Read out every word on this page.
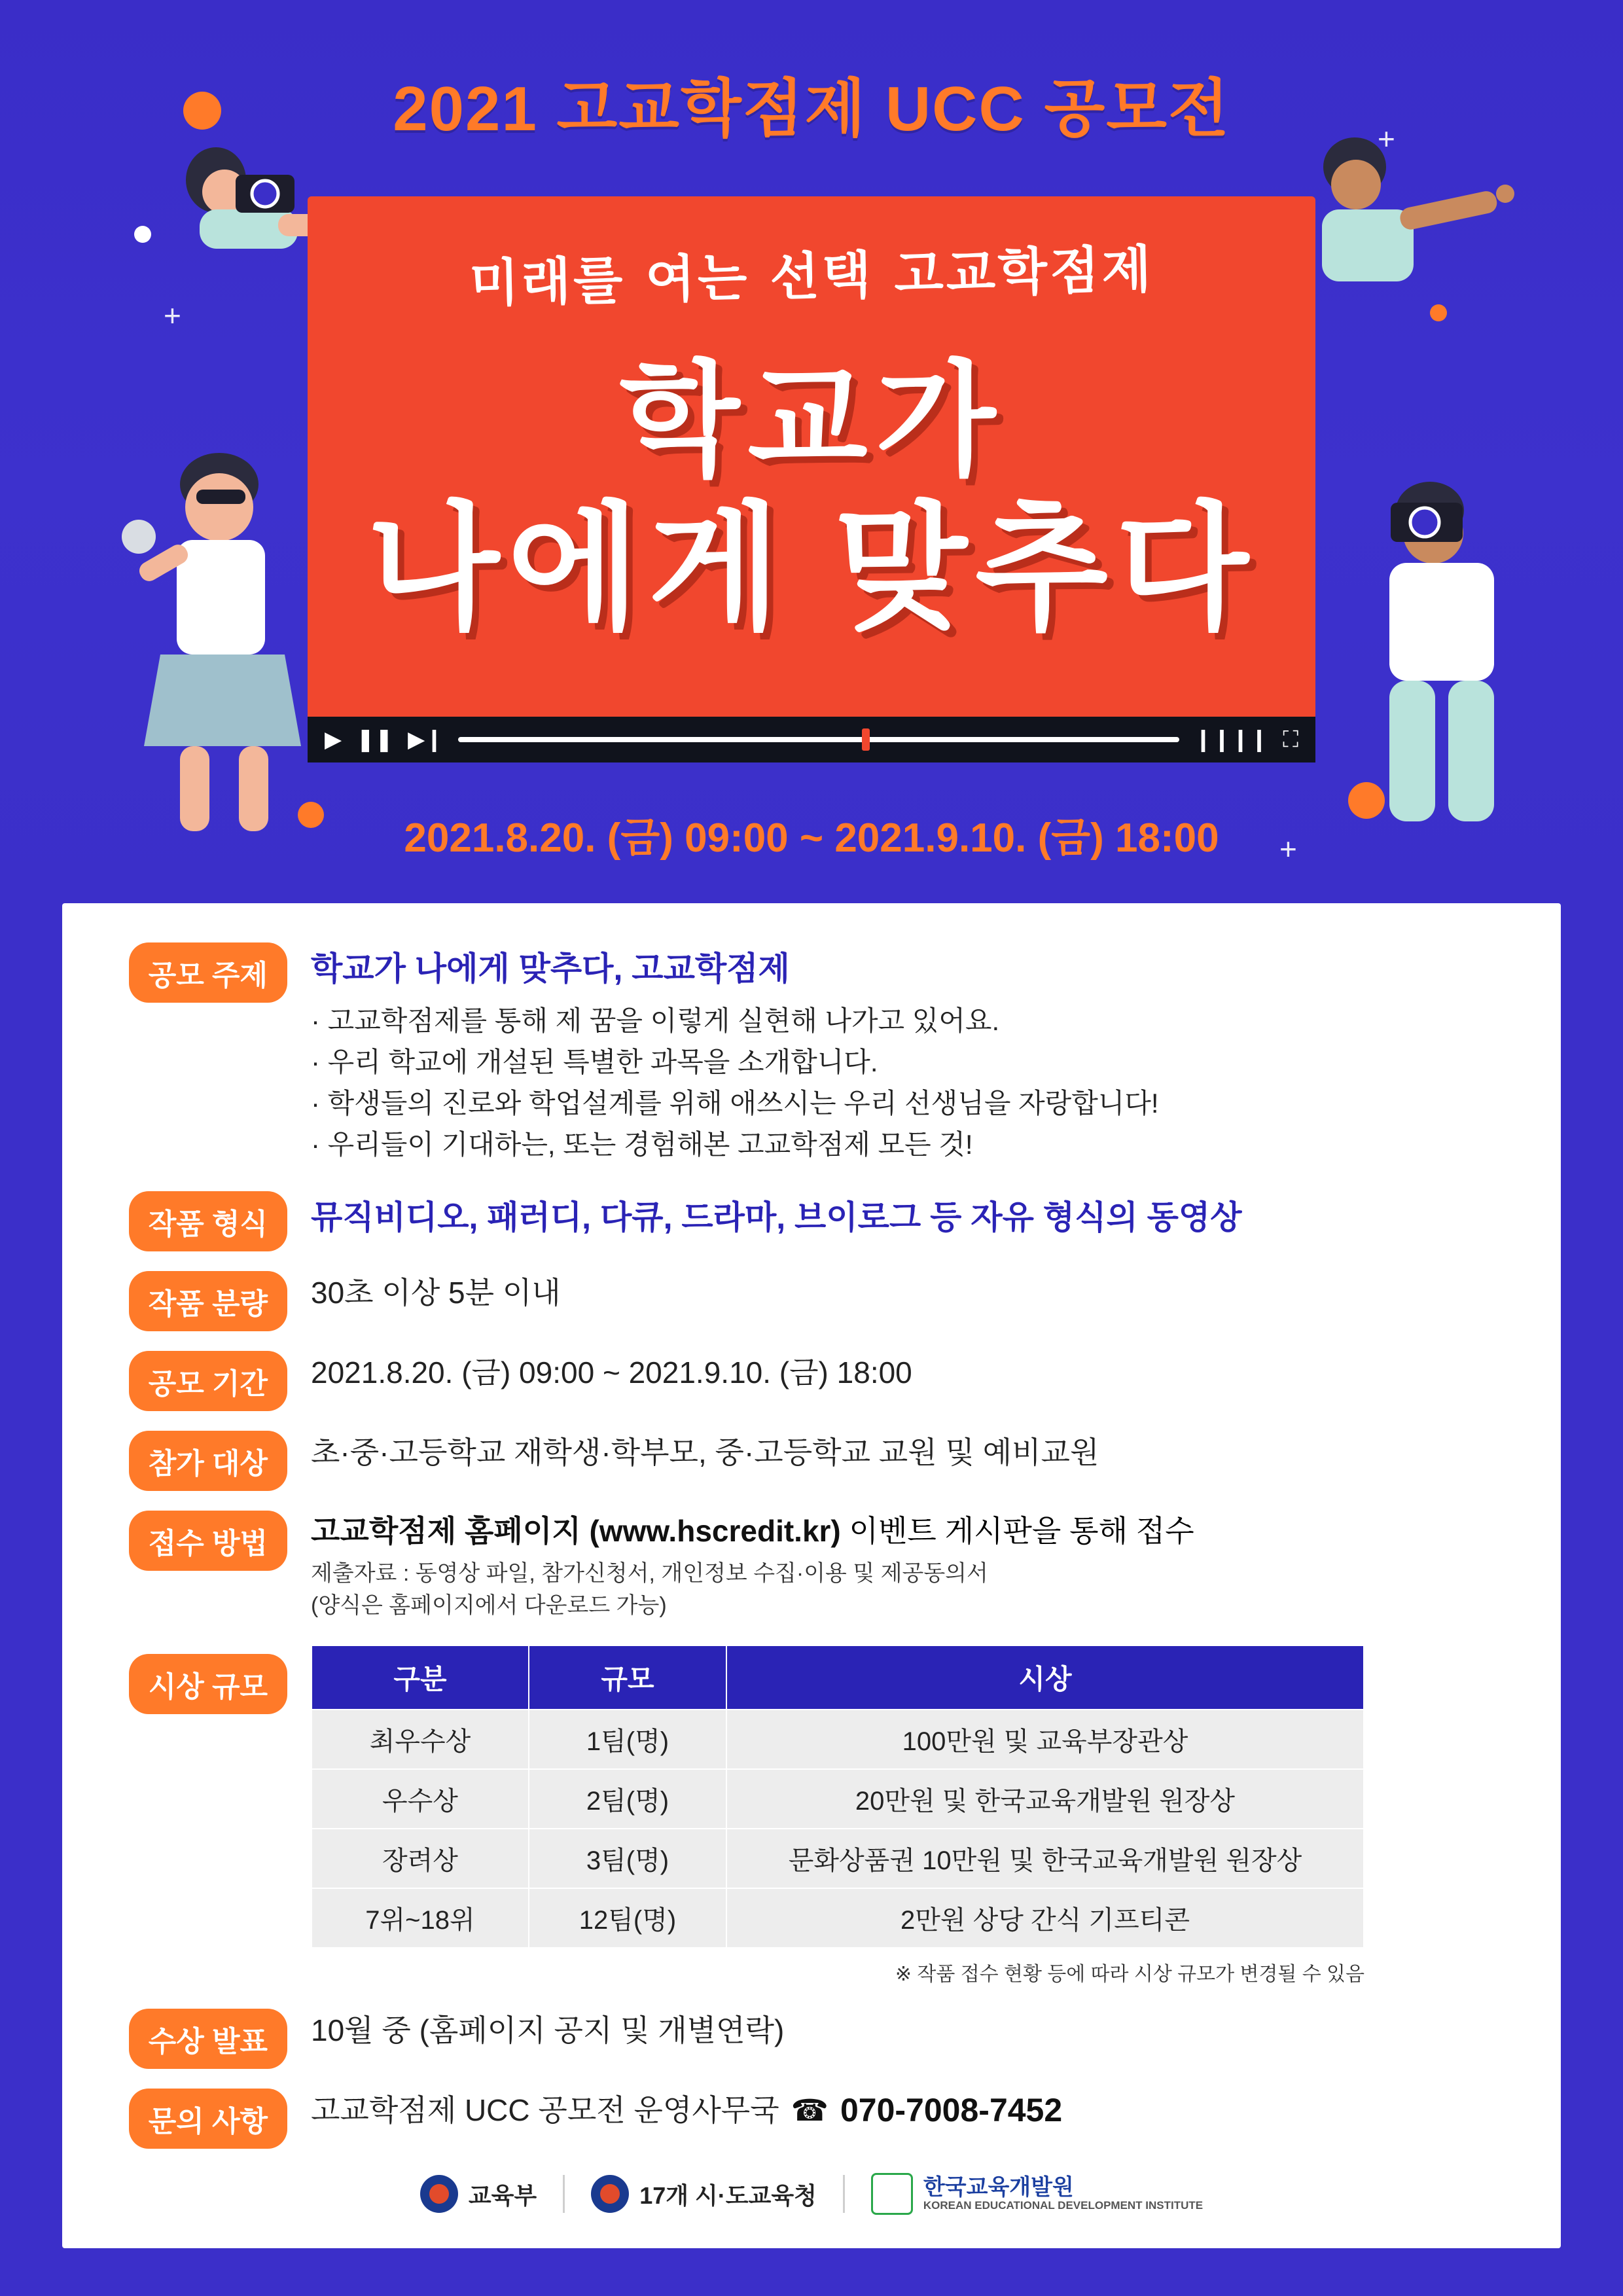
+
+
+
2021 고교학점제 UCC 공모전
미래를 여는 선택 고교학점제
학교가
나에게 맞추다
▶ ❚❚ ▶❙	❙❙❙❙ ⛶
2021.8.20. (금) 09:00 ~ 2021.9.10. (금) 18:00
공모 주제	학교가 나에게 맞추다, 고교학점제
· 고교학점제를 통해 제 꿈을 이렇게 실현해 나가고 있어요.
· 우리 학교에 개설된 특별한 과목을 소개합니다.
· 학생들의 진로와 학업설계를 위해 애쓰시는 우리 선생님을 자랑합니다!
· 우리들이 기대하는, 또는 경험해본 고교학점제 모든 것!
작품 형식	뮤직비디오, 패러디, 다큐, 드라마, 브이로그 등 자유 형식의 동영상
작품 분량	30초 이상 5분 이내
공모 기간	2021.8.20. (금) 09:00 ~ 2021.9.10. (금) 18:00
참가 대상	초·중·고등학교 재학생·학부모, 중·고등학교 교원 및 예비교원
접수 방법	고교학점제 홈페이지 (www.hscredit.kr) 이벤트 게시판을 통해 접수
제출자료 : 동영상 파일, 참가신청서, 개인정보 수집·이용 및 제공동의서
(양식은 홈페이지에서 다운로드 가능)
시상 규모	구분	규모	시상
최우수상	1팀(명)	100만원 및 교육부장관상
우수상	2팀(명)	20만원 및 한국교육개발원 원장상
장려상	3팀(명)	문화상품권 10만원 및 한국교육개발원 원장상
7위~18위	12팀(명)	2만원 상당 간식 기프티콘
※ 작품 접수 현황 등에 따라 시상 규모가 변경될 수 있음
수상 발표	10월 중 (홈페이지 공지 및 개별연락)
문의 사항	고교학점제 UCC 공모전 운영사무국 ☎ 070-7008-7452
교육부	17개 시·도교육청	한국교육개발원
KOREAN EDUCATIONAL DEVELOPMENT INSTITUTE
